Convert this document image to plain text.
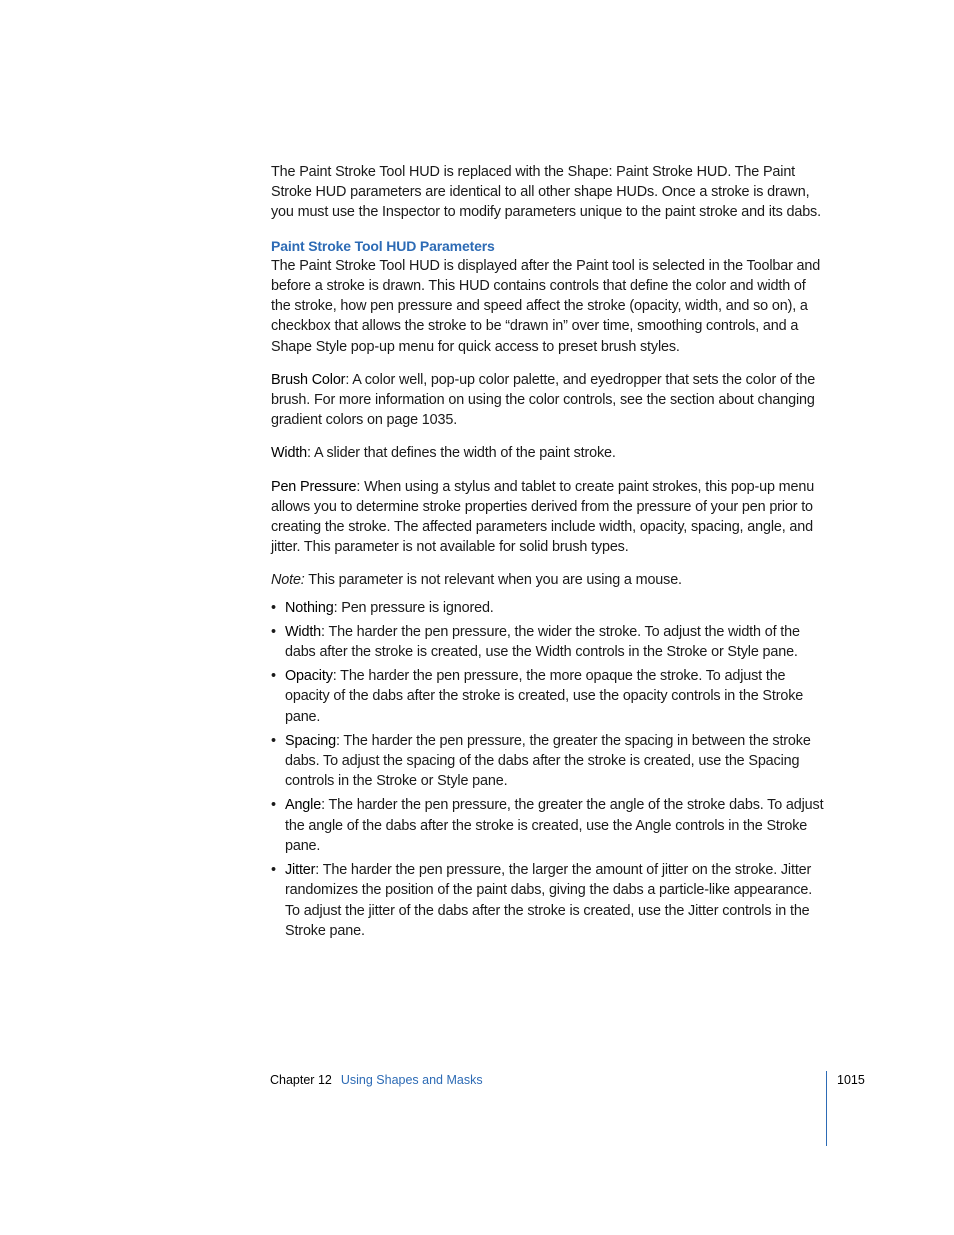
The Paint Stroke Tool HUD is replaced with the Shape: Paint Stroke HUD. The Paint Stroke HUD parameters are identical to all other shape HUDs. Once a stroke is drawn, you must use the Inspector to modify parameters unique to the paint stroke and its dabs.

Paint Stroke Tool HUD Parameters

The Paint Stroke Tool HUD is displayed after the Paint tool is selected in the Toolbar and before a stroke is drawn. This HUD contains controls that define the color and width of the stroke, how pen pressure and speed affect the stroke (opacity, width, and so on), a checkbox that allows the stroke to be “drawn in” over time, smoothing controls, and a Shape Style pop-up menu for quick access to preset brush styles.

Brush Color: A color well, pop-up color palette, and eyedropper that sets the color of the brush. For more information on using the color controls, see the section about changing gradient colors on page 1035.

Width: A slider that defines the width of the paint stroke.

Pen Pressure: When using a stylus and tablet to create paint strokes, this pop-up menu allows you to determine stroke properties derived from the pressure of your pen prior to creating the stroke. The affected parameters include width, opacity, spacing, angle, and jitter. This parameter is not available for solid brush types.

Note: This parameter is not relevant when you are using a mouse.

• Nothing: Pen pressure is ignored.
• Width: The harder the pen pressure, the wider the stroke. To adjust the width of the dabs after the stroke is created, use the Width controls in the Stroke or Style pane.
• Opacity: The harder the pen pressure, the more opaque the stroke. To adjust the opacity of the dabs after the stroke is created, use the opacity controls in the Stroke pane.
• Spacing: The harder the pen pressure, the greater the spacing in between the stroke dabs. To adjust the spacing of the dabs after the stroke is created, use the Spacing controls in the Stroke or Style pane.
• Angle: The harder the pen pressure, the greater the angle of the stroke dabs. To adjust the angle of the dabs after the stroke is created, use the Angle controls in the Stroke pane.
• Jitter: The harder the pen pressure, the larger the amount of jitter on the stroke. Jitter randomizes the position of the paint dabs, giving the dabs a particle-like appearance. To adjust the jitter of the dabs after the stroke is created, use the Jitter controls in the Stroke pane.
Chapter 12 Using Shapes and Masks	1015
